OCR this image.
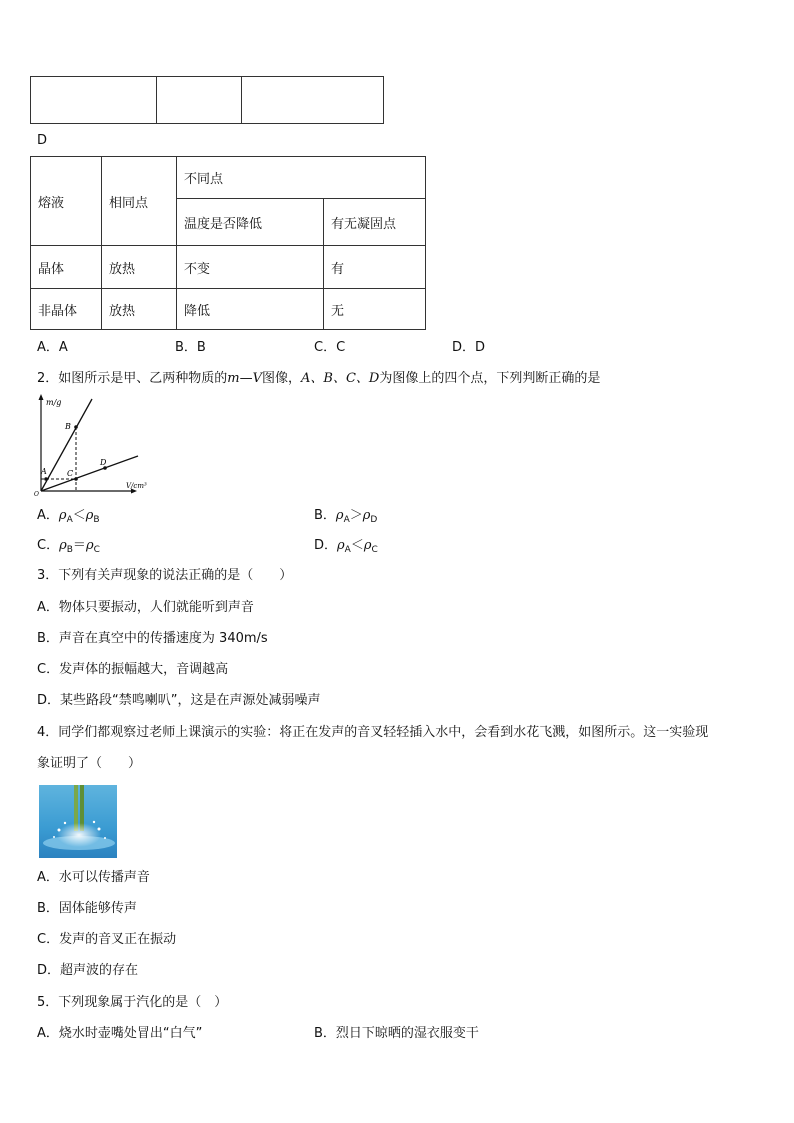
D
熔液	相同点	不同点	
		温度是否降低	有无凝固点
晶体	放热	不变	有
非晶体	放热	降低	无
A．A	B．B	C．C	D．D
2．如图所示是甲、乙两种物质的m—V图像，A、B、C、D为图像上的四个点，下列判断正确的是
m/g
V/cm³
O
A
B
C
D
A．$\rho_A<\rho_B$	B．$\rho_A>\rho_D$
C．$\rho_B=\rho_C$	D．$\rho_A<\rho_C$
3．下列有关声现象的说法正确的是（　　）
A．物体只要振动，人们就能听到声音
B．声音在真空中的传播速度为 340m/s
C．发声体的振幅越大，音调越高
D．某些路段“禁鸣喇叭”，这是在声源处减弱噪声
4．同学们都观察过老师上课演示的实验：将正在发声的音叉轻轻插入水中，会看到水花飞溅，如图所示。这一实验现
象证明了（　　）
A．水可以传播声音
B．固体能够传声
C．发声的音叉正在振动
D．超声波的存在
5．下列现象属于汽化的是（　）
A．烧水时壶嘴处冒出“白气”	B．烈日下晾晒的湿衣服变干
